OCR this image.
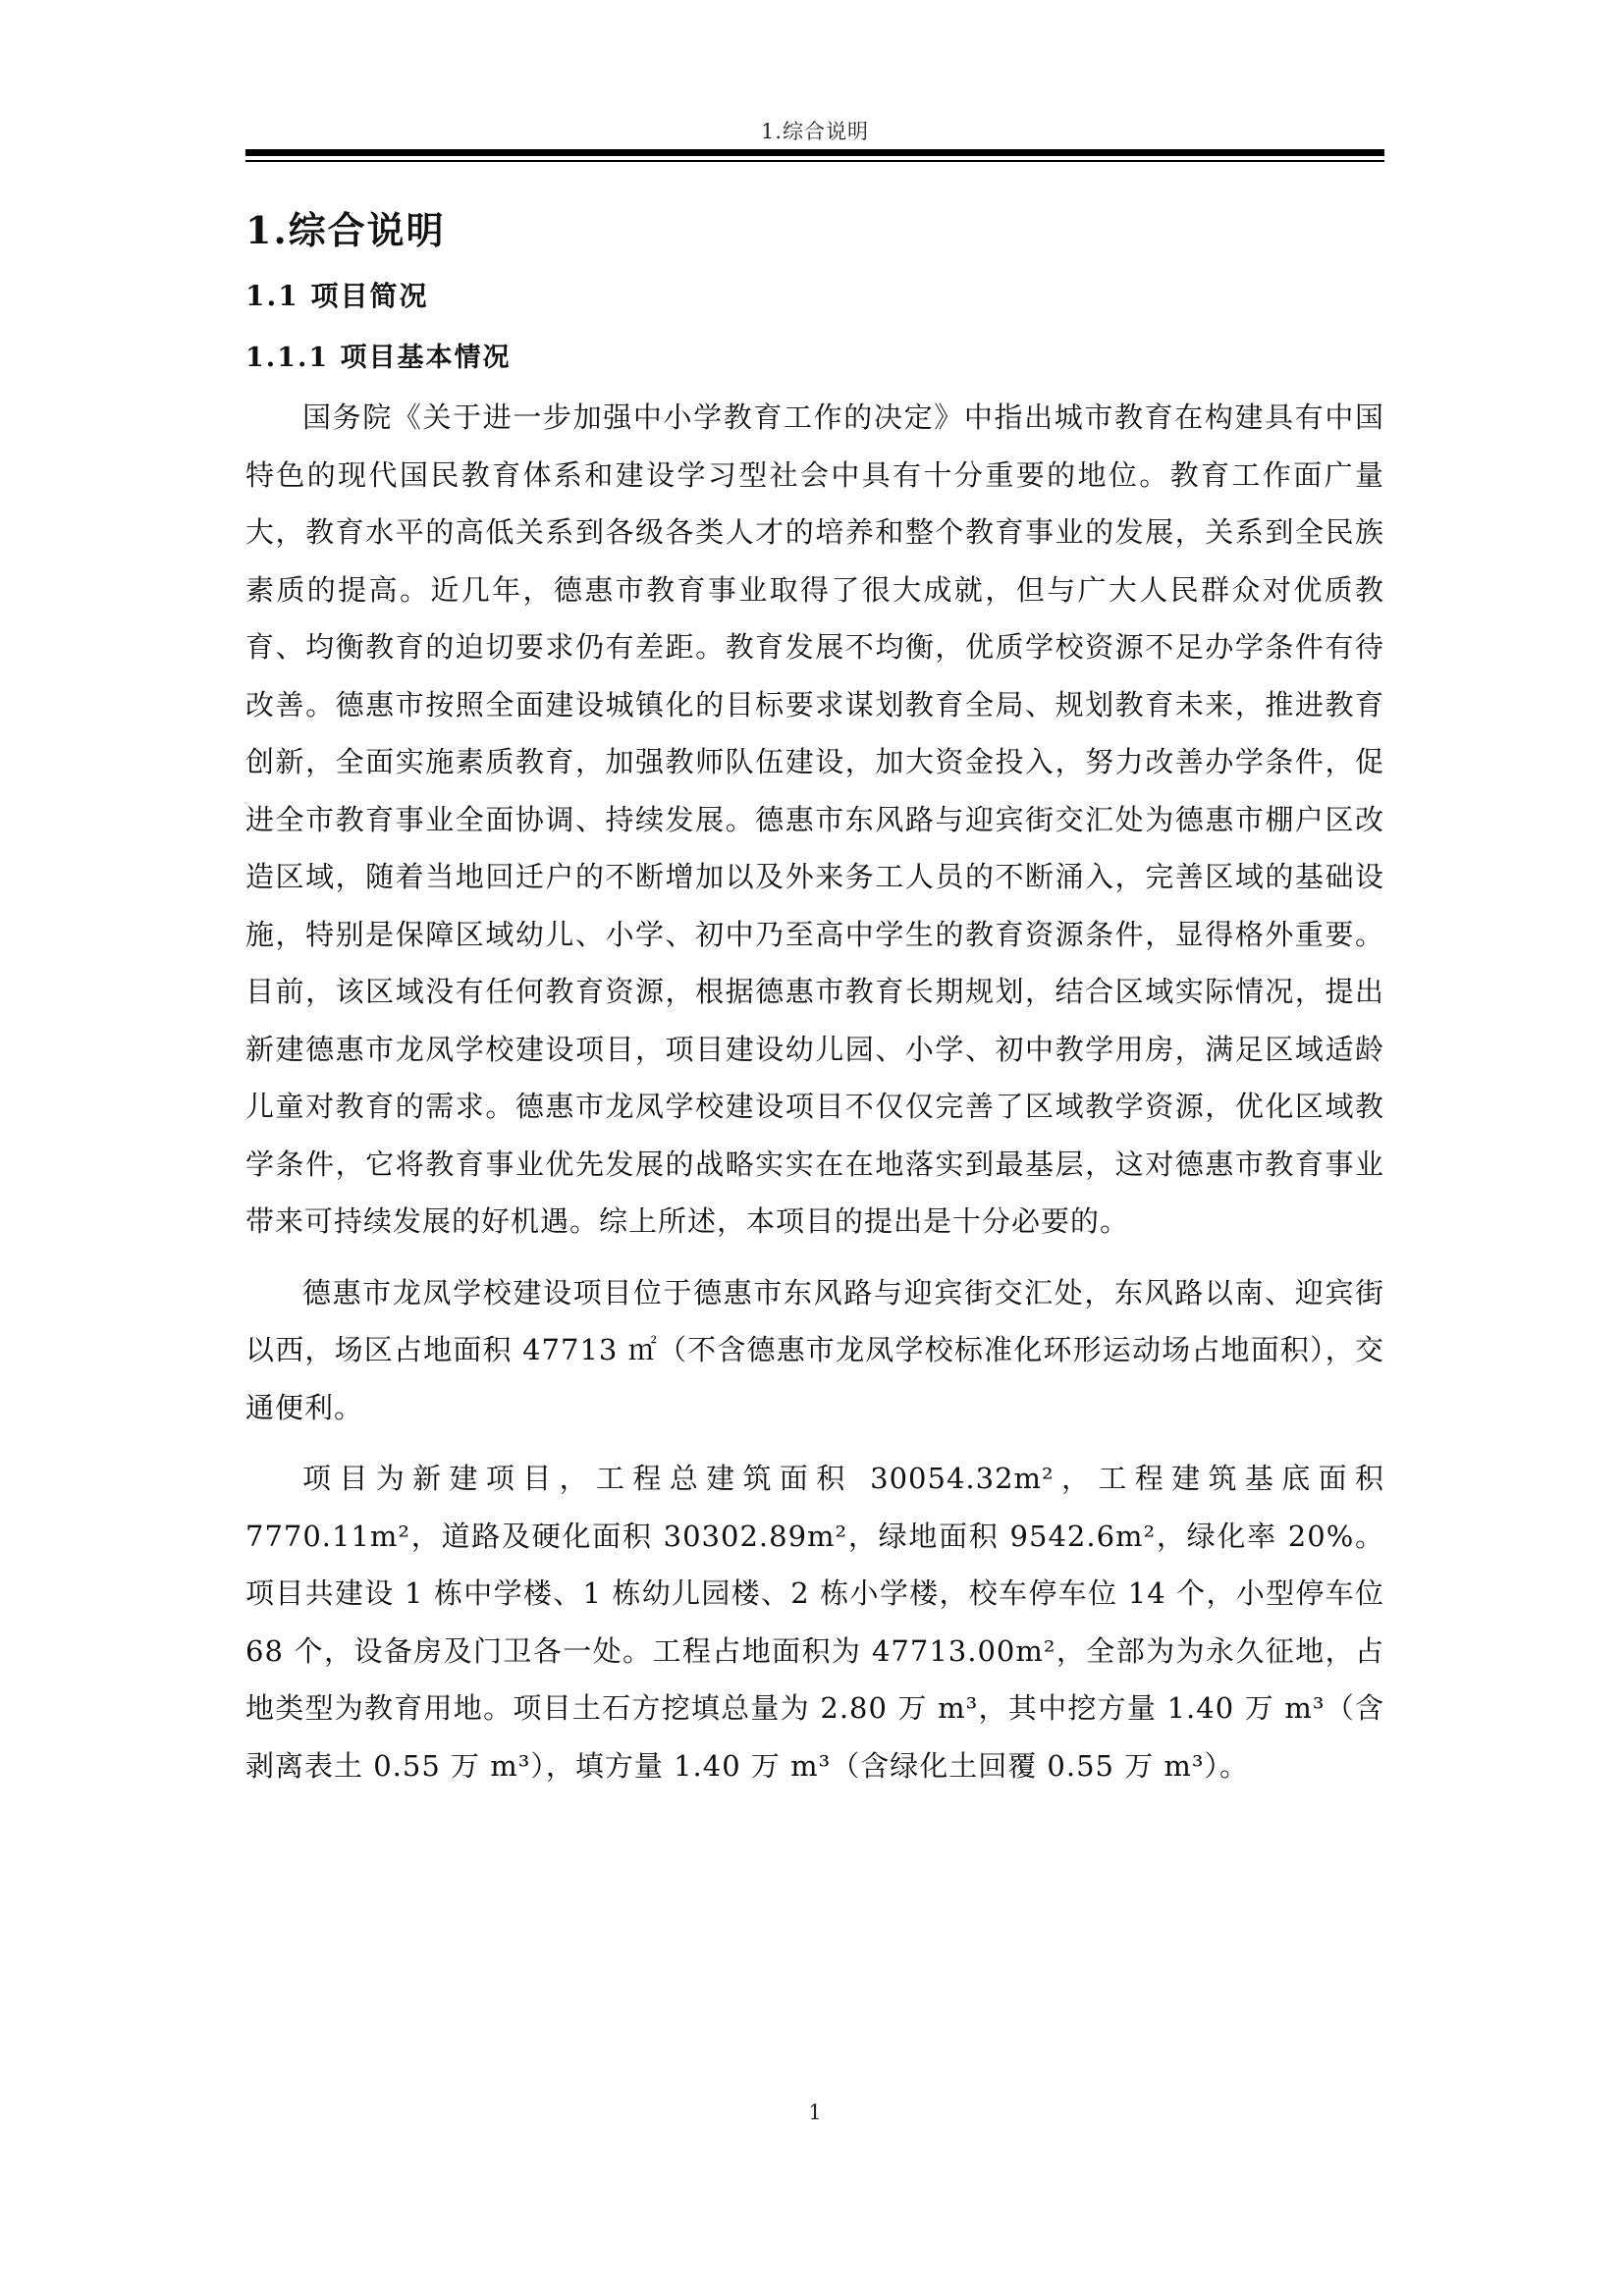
1.综合说明
1.综合说明
1.1 项目简况
1.1.1 项目基本情况

国务院《关于进一步加强中小学教育工作的决定》中指出城市教育在构建具有中国特色的现代国民教育体系和建设学习型社会中具有十分重要的地位。教育工作面广量大，教育水平的高低关系到各级各类人才的培养和整个教育事业的发展，关系到全民族素质的提高。近几年，德惠市教育事业取得了很大成就，但与广大人民群众对优质教育、均衡教育的迫切要求仍有差距。教育发展不均衡，优质学校资源不足办学条件有待改善。德惠市按照全面建设城镇化的目标要求谋划教育全局、规划教育未来，推进教育创新，全面实施素质教育，加强教师队伍建设，加大资金投入，努力改善办学条件，促进全市教育事业全面协调、持续发展。德惠市东风路与迎宾街交汇处为德惠市棚户区改造区域，随着当地回迁户的不断增加以及外来务工人员的不断涌入，完善区域的基础设施，特别是保障区域幼儿、小学、初中乃至高中学生的教育资源条件，显得格外重要。目前，该区域没有任何教育资源，根据德惠市教育长期规划，结合区域实际情况，提出新建德惠市龙凤学校建设项目，项目建设幼儿园、小学、初中教学用房，满足区域适龄儿童对教育的需求。德惠市龙凤学校建设项目不仅仅完善了区域教学资源，优化区域教学条件，它将教育事业优先发展的战略实实在在地落实到最基层，这对德惠市教育事业带来可持续发展的好机遇。综上所述，本项目的提出是十分必要的。

德惠市龙凤学校建设项目位于德惠市东风路与迎宾街交汇处，东风路以南、迎宾街以西，场区占地面积 47713 ㎡（不含德惠市龙凤学校标准化环形运动场占地面积），交通便利。

项目为新建项目，工程总建筑面积 30054.32m²，工程建筑基底面积 7770.11m²，道路及硬化面积 30302.89m²，绿地面积 9542.6m²，绿化率 20%。项目共建设 1 栋中学楼、1 栋幼儿园楼、2 栋小学楼，校车停车位 14 个，小型停车位 68 个，设备房及门卫各一处。工程占地面积为 47713.00m²，全部为为永久征地，占地类型为教育用地。项目土石方挖填总量为 2.80 万 m³，其中挖方量 1.40 万 m³（含剥离表土 0.55 万 m³），填方量 1.40 万 m³（含绿化土回覆 0.55 万 m³）。

1
